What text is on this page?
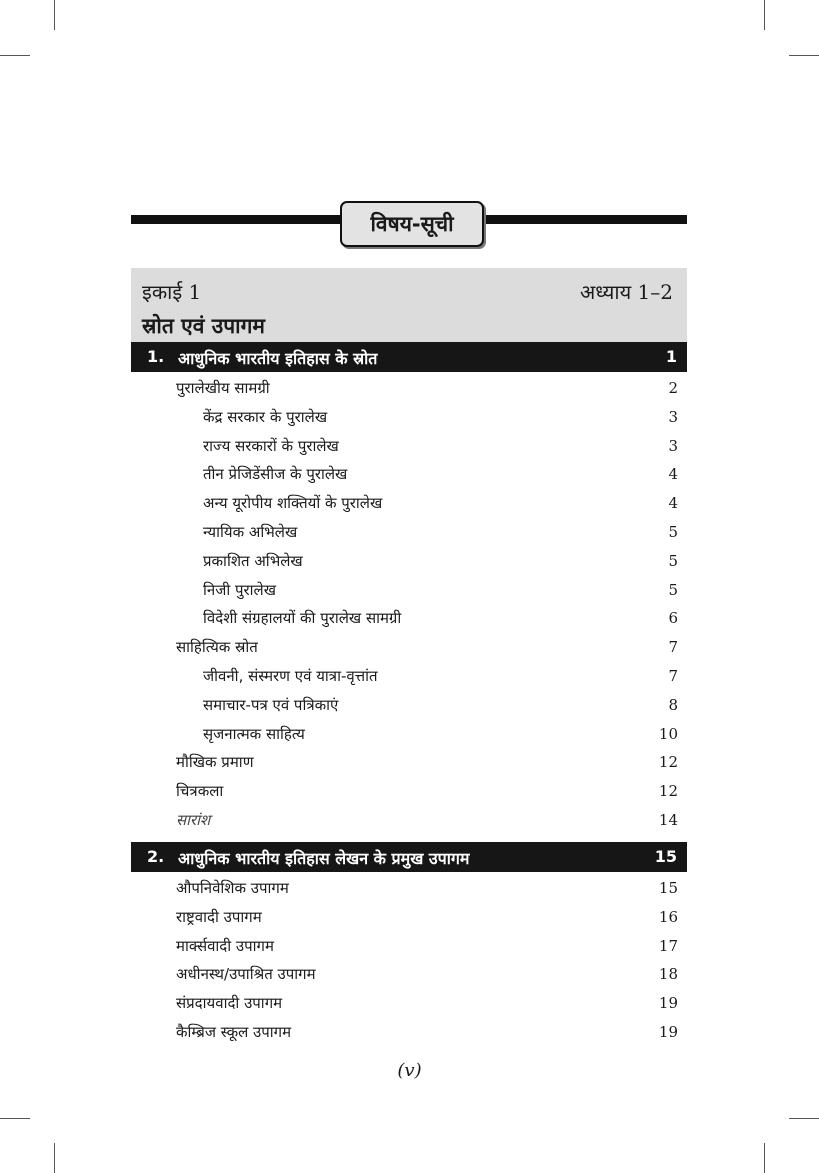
विषय-सूची
इकाई 1	अध्याय 1–2
स्रोत एवं उपागम
1. आधुनिक भारतीय इतिहास के स्रोत	1
पुरालेखीय सामग्री	2
केंद्र सरकार के पुरालेख	3
राज्य सरकारों के पुरालेख	3
तीन प्रेजिडेंसीज के पुरालेख	4
अन्य यूरोपीय शक्तियों के पुरालेख	4
न्यायिक अभिलेख	5
प्रकाशित अभिलेख	5
निजी पुरालेख	5
विदेशी संग्रहालयों की पुरालेख सामग्री	6
साहित्यिक स्रोत	7
जीवनी, संस्मरण एवं यात्रा-वृत्तांत	7
समाचार-पत्र एवं पत्रिकाएं	8
सृजनात्मक साहित्य	10
मौखिक प्रमाण	12
चित्रकला	12
सारांश	14
2. आधुनिक भारतीय इतिहास लेखन के प्रमुख उपागम	15
औपनिवेशिक उपागम	15
राष्ट्रवादी उपागम	16
मार्क्सवादी उपागम	17
अधीनस्थ/उपाश्रित उपागम	18
संप्रदायवादी उपागम	19
कैम्ब्रिज स्कूल उपागम	19
(v)
